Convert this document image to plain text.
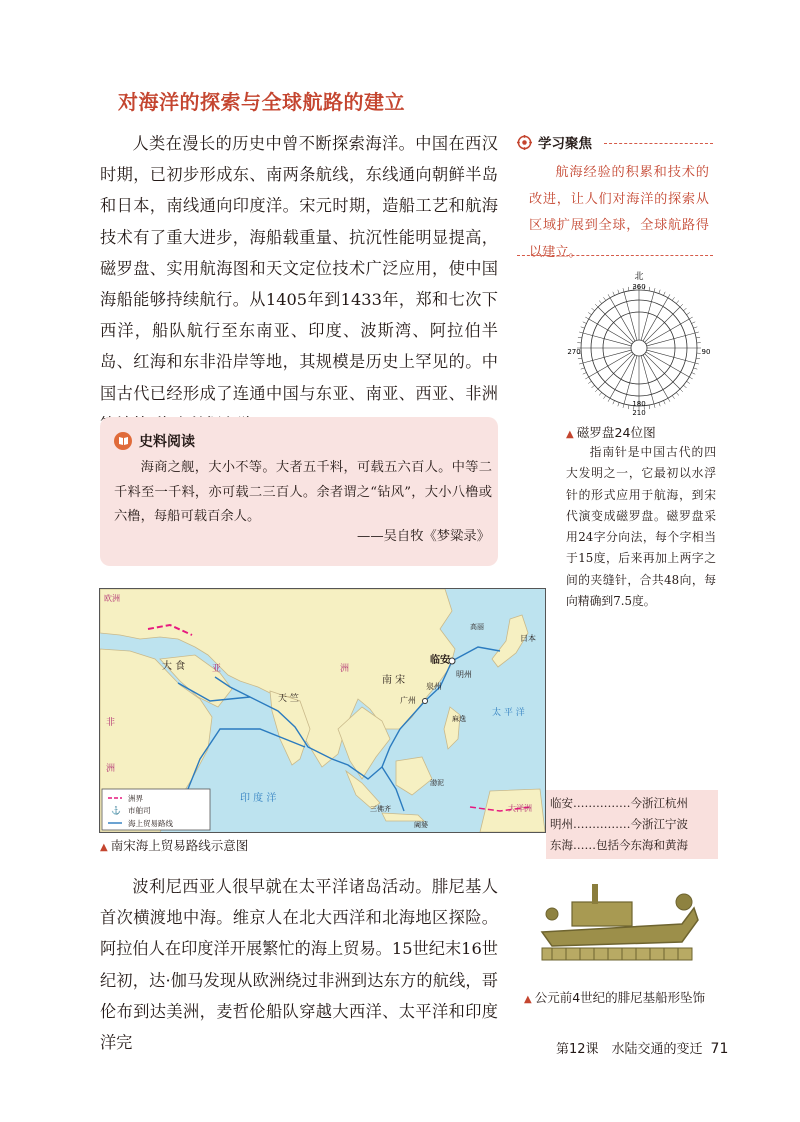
对海洋的探索与全球航路的建立
人类在漫长的历史中曾不断探索海洋。中国在西汉时期，已初步形成东、南两条航线，东线通向朝鲜半岛和日本，南线通向印度洋。宋元时期，造船工艺和航海技术有了重大进步，海船载重量、抗沉性能明显提高，磁罗盘、实用航海图和天文定位技术广泛应用，使中国海船能够持续航行。从1405年到1433年，郑和七次下西洋，船队航行至东南亚、印度、波斯湾、阿拉伯半岛、红海和东非沿岸等地，其规模是历史上罕见的。中国古代已经形成了连通中国与东亚、南亚、西亚、非洲
学习聚焦
航海经验的积累和技术的改进，让人们对海洋的探索从区域扩展到全球，全球航路得以建立。
北
360
90
210
180
270
▲ 磁罗盘24位图
指南针是中国古代的四大发明之一，它最初以水浮针的形式应用于航海，到宋代演变成磁罗盘。磁罗盘采用24字分向法，每个字相当于15度，后来再加上两字之间的夹缝针，合共48向，每向精确到7.5度。
史料阅读
海商之舰，大小不等。大者五千料，可载五六百人。中等二千料至一千料，亦可载二三百人。余者谓之“钻风”，大小八橹或六橹，每船可载百余人。
——吴自牧《梦粱录》
欧洲
大 食	亚	洲
天 竺
南 宋
临安
明州
泉州
广州
高丽
日本
非
洲
印 度 洋
太 平 洋
大洋洲
三佛齐
渤泥
阇婆
麻逸
洲界
⚓ 市舶司
海上贸易路线
▲ 南宋海上贸易路线示意图
临安……………今浙江杭州
明州……………今浙江宁波
东海……包括今东海和黄海
波利尼西亚人很早就在太平洋诸岛活动。腓尼基人首次横渡地中海。维京人在北大西洋和北海地区探险。阿拉伯人在印度洋开展繁忙的海上贸易。15世纪末16世纪初，达·伽马发现从欧洲绕过非洲到达东方的航线，哥伦布到达美洲，麦哲伦船队穿越大西洋、太平洋和印度洋完
▲ 公元前4世纪的腓尼基船形坠饰
第12课　水陆交通的变迁 71
